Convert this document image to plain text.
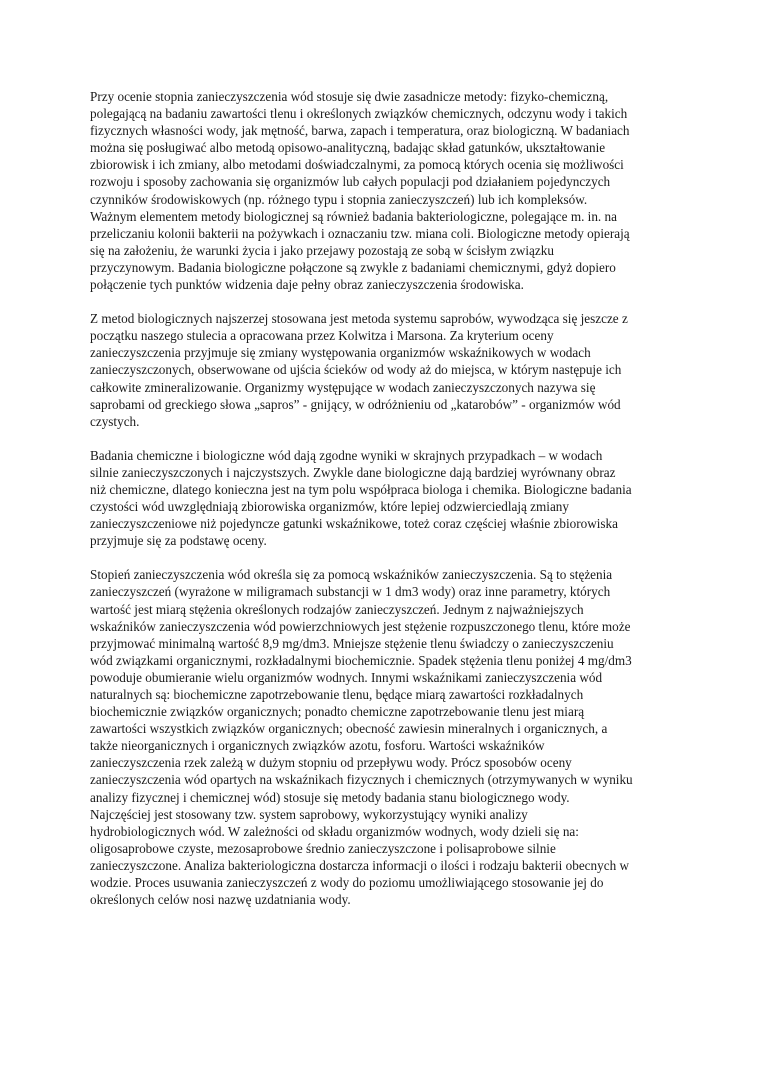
Przy ocenie stopnia zanieczyszczenia wód stosuje się dwie zasadnicze metody: fizyko-chemiczną,
polegającą na badaniu zawartości tlenu i określonych związków chemicznych, odczynu wody i takich
fizycznych własności wody, jak mętność, barwa, zapach i temperatura, oraz biologiczną. W badaniach
można się posługiwać albo metodą opisowo-analityczną, badając skład gatunków, ukształtowanie
zbiorowisk i ich zmiany, albo metodami doświadczalnymi, za pomocą których ocenia się możliwości
rozwoju i sposoby zachowania się organizmów lub całych populacji pod działaniem pojedynczych
czynników środowiskowych (np. różnego typu i stopnia zanieczyszczeń) lub ich kompleksów.
Ważnym elementem metody biologicznej są również badania bakteriologiczne, polegające m. in. na
przeliczaniu kolonii bakterii na pożywkach i oznaczaniu tzw. miana coli. Biologiczne metody opierają
się na założeniu, że warunki życia i jako przejawy pozostają ze sobą w ścisłym związku
przyczynowym. Badania biologiczne połączone są zwykle z badaniami chemicznymi, gdyż dopiero
połączenie tych punktów widzenia daje pełny obraz zanieczyszczenia środowiska.

Z metod biologicznych najszerzej stosowana jest metoda systemu saprobów, wywodząca się jeszcze z
początku naszego stulecia a opracowana przez Kolwitza i Marsona. Za kryterium oceny
zanieczyszczenia przyjmuje się zmiany występowania organizmów wskaźnikowych w wodach
zanieczyszczonych, obserwowane od ujścia ścieków od wody aż do miejsca, w którym następuje ich
całkowite zmineralizowanie. Organizmy występujące w wodach zanieczyszczonych nazywa się
saprobami od greckiego słowa „sapros” - gnijący, w odróżnieniu od „katarobów” - organizmów wód
czystych.

Badania chemiczne i biologiczne wód dają zgodne wyniki w skrajnych przypadkach – w wodach
silnie zanieczyszczonych i najczystszych. Zwykle dane biologiczne dają bardziej wyrównany obraz
niż chemiczne, dlatego konieczna jest na tym polu współpraca biologa i chemika. Biologiczne badania
czystości wód uwzględniają zbiorowiska organizmów, które lepiej odzwierciedlają zmiany
zanieczyszczeniowe niż pojedyncze gatunki wskaźnikowe, toteż coraz częściej właśnie zbiorowiska
przyjmuje się za podstawę oceny.

Stopień zanieczyszczenia wód określa się za pomocą wskaźników zanieczyszczenia. Są to stężenia
zanieczyszczeń (wyrażone w miligramach substancji w 1 dm3 wody) oraz inne parametry, których
wartość jest miarą stężenia określonych rodzajów zanieczyszczeń. Jednym z najważniejszych
wskaźników zanieczyszczenia wód powierzchniowych jest stężenie rozpuszczonego tlenu, które może
przyjmować minimalną wartość 8,9 mg/dm3. Mniejsze stężenie tlenu świadczy o zanieczyszczeniu
wód związkami organicznymi, rozkładalnymi biochemicznie. Spadek stężenia tlenu poniżej 4 mg/dm3
powoduje obumieranie wielu organizmów wodnych. Innymi wskaźnikami zanieczyszczenia wód
naturalnych są: biochemiczne zapotrzebowanie tlenu, będące miarą zawartości rozkładalnych
biochemicznie związków organicznych; ponadto chemiczne zapotrzebowanie tlenu jest miarą
zawartości wszystkich związków organicznych; obecność zawiesin mineralnych i organicznych, a
także nieorganicznych i organicznych związków azotu, fosforu. Wartości wskaźników
zanieczyszczenia rzek zależą w dużym stopniu od przepływu wody. Prócz sposobów oceny
zanieczyszczenia wód opartych na wskaźnikach fizycznych i chemicznych (otrzymywanych w wyniku
analizy fizycznej i chemicznej wód) stosuje się metody badania stanu biologicznego wody.
Najczęściej jest stosowany tzw. system saprobowy, wykorzystujący wyniki analizy
hydrobiologicznych wód. W zależności od składu organizmów wodnych, wody dzieli się na:
oligosaprobowe czyste, mezosaprobowe średnio zanieczyszczone i polisaprobowe silnie
zanieczyszczone. Analiza bakteriologiczna dostarcza informacji o ilości i rodzaju bakterii obecnych w
wodzie. Proces usuwania zanieczyszczeń z wody do poziomu umożliwiającego stosowanie jej do
określonych celów nosi nazwę uzdatniania wody.
